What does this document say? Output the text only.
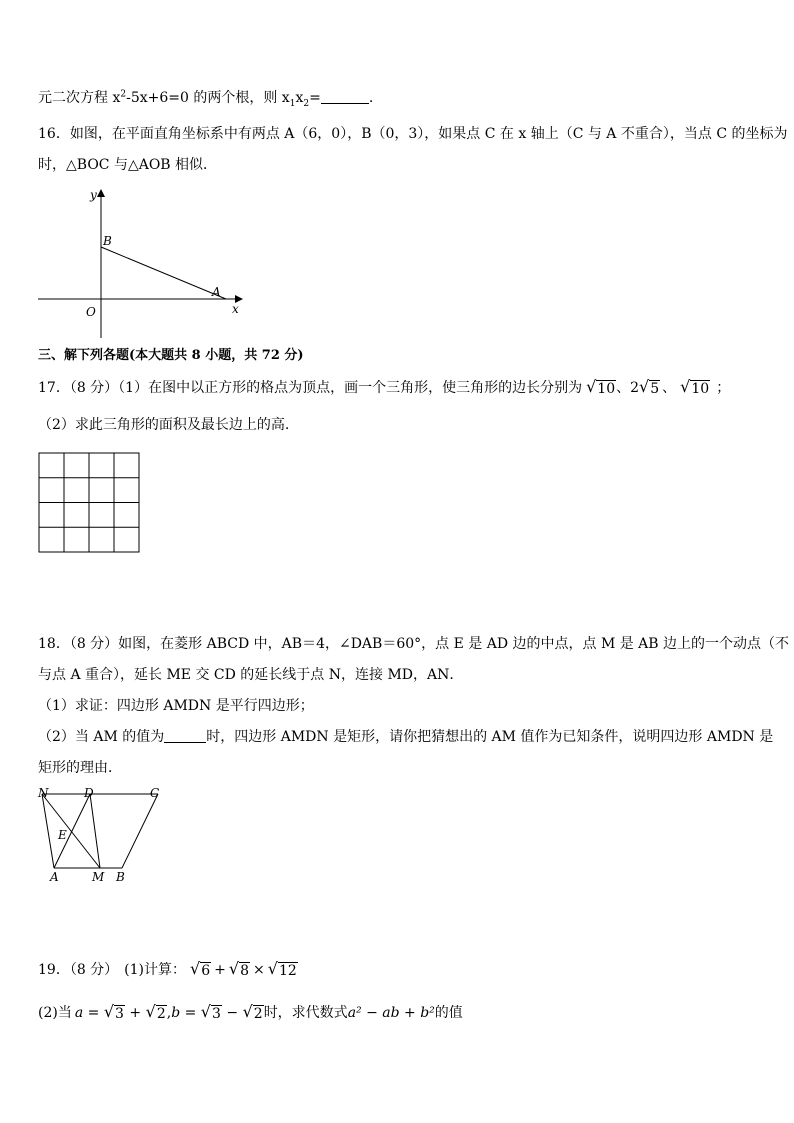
元二次方程 $x^2-5x+6=0$ 的两个根，则 $x_1x_2=$	.
16．如图，在平面直角坐标系中有两点 A（6，0），B（0，3），如果点 C 在 x 轴上（C 与 A 不重合），当点 C 的坐标为
时，△BOC 与△AOB 相似．
y
x
B
O
A
三、解下列各题(本大题共 8 小题，共 72 分)
17．（8 分）（1）在图中以正方形的格点为顶点，画一个三角形，使三角形的边长分别为 √ 10 、2 √ 5 、 √ 10 ；
（2）求此三角形的面积及最长边上的高.
18．（8 分）如图，在菱形 ABCD 中，AB＝4，∠DAB＝60°，点 E 是 AD 边的中点，点 M 是 AB 边上的一个动点（不
与点 A 重合），延长 ME 交 CD 的延长线于点 N，连接 MD，AN．
（1）求证：四边形 AMDN 是平行四边形；
（2）当 AM 的值为	时，四边形 AMDN 是矩形，请你把猜想出的 AM 值作为已知条件，说明四边形 AMDN 是
矩形的理由．
N	D	C
E
A	M B
19．（8 分） (1)计算： √ 6 + √ 8 × √ 12
(2)当 a = √ 3 + √ 2 , b = √ 3 − √ 2 时，求代数式 a² − ab + b² 的值
